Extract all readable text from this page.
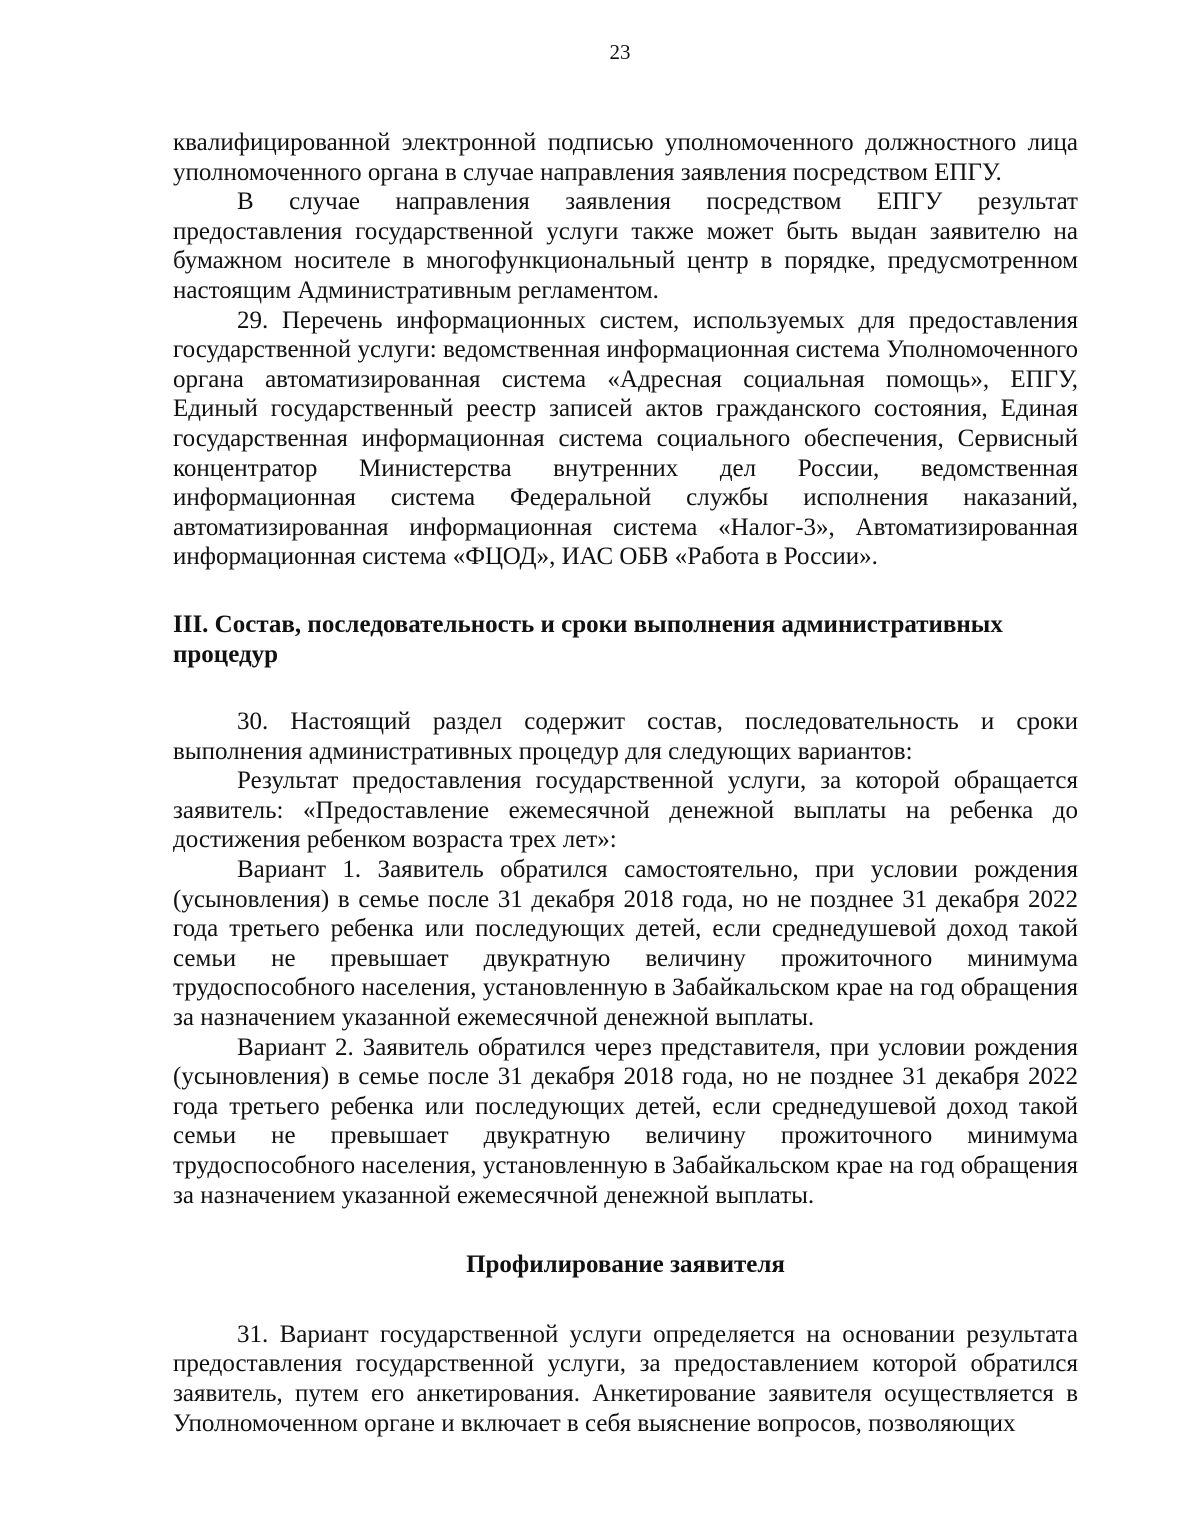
23

квалифицированной электронной подписью уполномоченного должностного лица уполномоченного органа в случае направления заявления посредством ЕПГУ.

В случае направления заявления посредством ЕПГУ результат предоставления государственной услуги также может быть выдан заявителю на бумажном носителе в многофункциональный центр в порядке, предусмотренном настоящим Административным регламентом.

29. Перечень информационных систем, используемых для предоставления государственной услуги: ведомственная информационная система Уполномоченного органа автоматизированная система «Адресная социальная помощь», ЕПГУ, Единый государственный реестр записей актов гражданского состояния, Единая государственная информационная система социального обеспечения, Сервисный концентратор Министерства внутренних дел России, ведомственная информационная система Федеральной службы исполнения наказаний, автоматизированная информационная система «Налог-3», Автоматизированная информационная система «ФЦОД», ИАС ОБВ «Работа в России».

III. Состав, последовательность и сроки выполнения административных процедур

30. Настоящий раздел содержит состав, последовательность и сроки выполнения административных процедур для следующих вариантов:

Результат предоставления государственной услуги, за которой обращается заявитель: «Предоставление ежемесячной денежной выплаты на ребенка до достижения ребенком возраста трех лет»:

Вариант 1. Заявитель обратился самостоятельно, при условии рождения (усыновления) в семье после 31 декабря 2018 года, но не позднее 31 декабря 2022 года третьего ребенка или последующих детей, если среднедушевой доход такой семьи не превышает двукратную величину прожиточного минимума трудоспособного населения, установленную в Забайкальском крае на год обращения за назначением указанной ежемесячной денежной выплаты.

Вариант 2. Заявитель обратился через представителя, при условии рождения (усыновления) в семье после 31 декабря 2018 года, но не позднее 31 декабря 2022 года третьего ребенка или последующих детей, если среднедушевой доход такой семьи не превышает двукратную величину прожиточного минимума трудоспособного населения, установленную в Забайкальском крае на год обращения за назначением указанной ежемесячной денежной выплаты.

Профилирование заявителя

31. Вариант государственной услуги определяется на основании результата предоставления государственной услуги, за предоставлением которой обратился заявитель, путем его анкетирования. Анкетирование заявителя осуществляется в Уполномоченном органе и включает в себя выяснение вопросов, позволяющих
